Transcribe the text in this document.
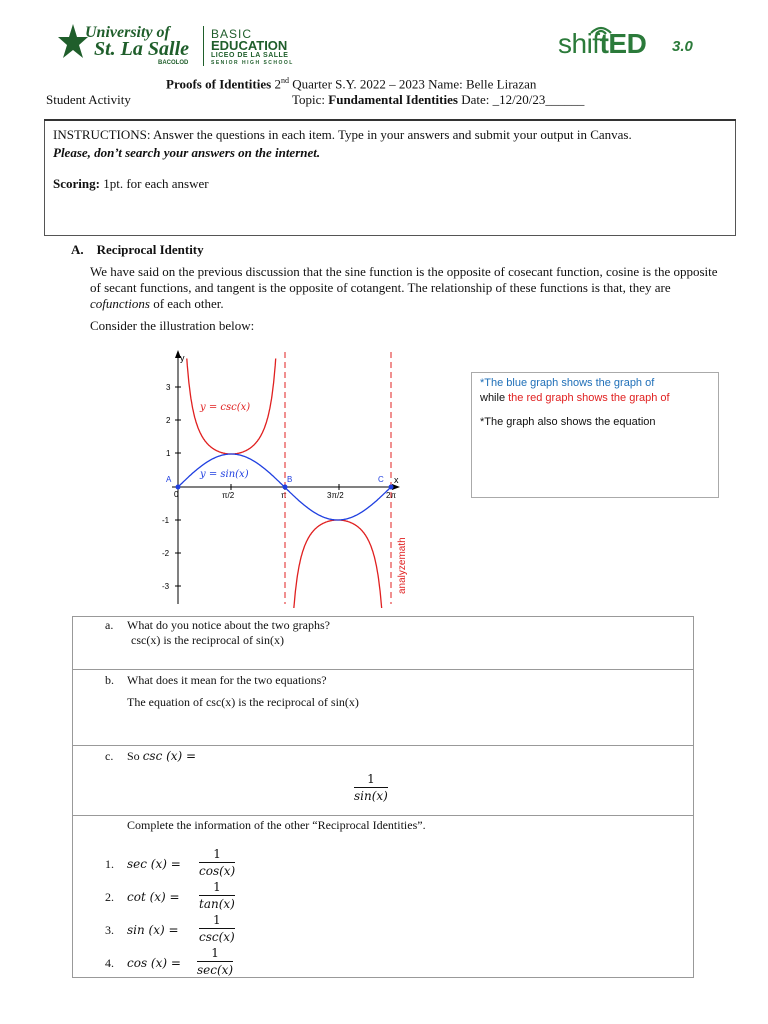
University of
St. La Salle
BACOLOD
BASIC
EDUCATION
LICEO DE LA SALLE
SENIOR HIGH SCHOOL
shiftED 3.0
Proofs of Identities 2nd Quarter S.Y. 2022 – 2023 Name: Belle Lirazan
Student Activity	Topic: Fundamental Identities Date: _12/20/23______
INSTRUCTIONS: Answer the questions in each item. Type in your answers and submit your output in Canvas.
Please, don’t search your answers on the internet.
Scoring: 1pt. for each answer
A. Reciprocal Identity
We have said on the previous discussion that the sine function is the opposite of cosecant function, cosine is the opposite of secant functions, and tangent is the opposite of cotangent. The relationship of these functions is that, they are cofunctions of each other.
Consider the illustration below:
y
x
3
2
1
-1
-2
-3
0	π/2	π	3π/2	2π
A	B	C
y = csc(x)
y = sin(x)
analyzemath
*The blue graph shows the graph of
while the red graph shows the graph of
*The graph also shows the equation
a. What do you notice about the two graphs?
csc(x) is the reciprocal of sin(x)
b. What does it mean for the two equations?
The equation of csc(x) is the reciprocal of sin(x)
c. So csc (x) =
$\frac{1}{\sin(x)}$
Complete the information of the other “Reciprocal Identities”.
1. $\sec (x) = \frac{1}{\cos(x)}$
2. $\cot (x) = \frac{1}{\tan(x)}$
3. sin (x) =
1
csc(x)
4. cos (x) =
1
sec(x)
